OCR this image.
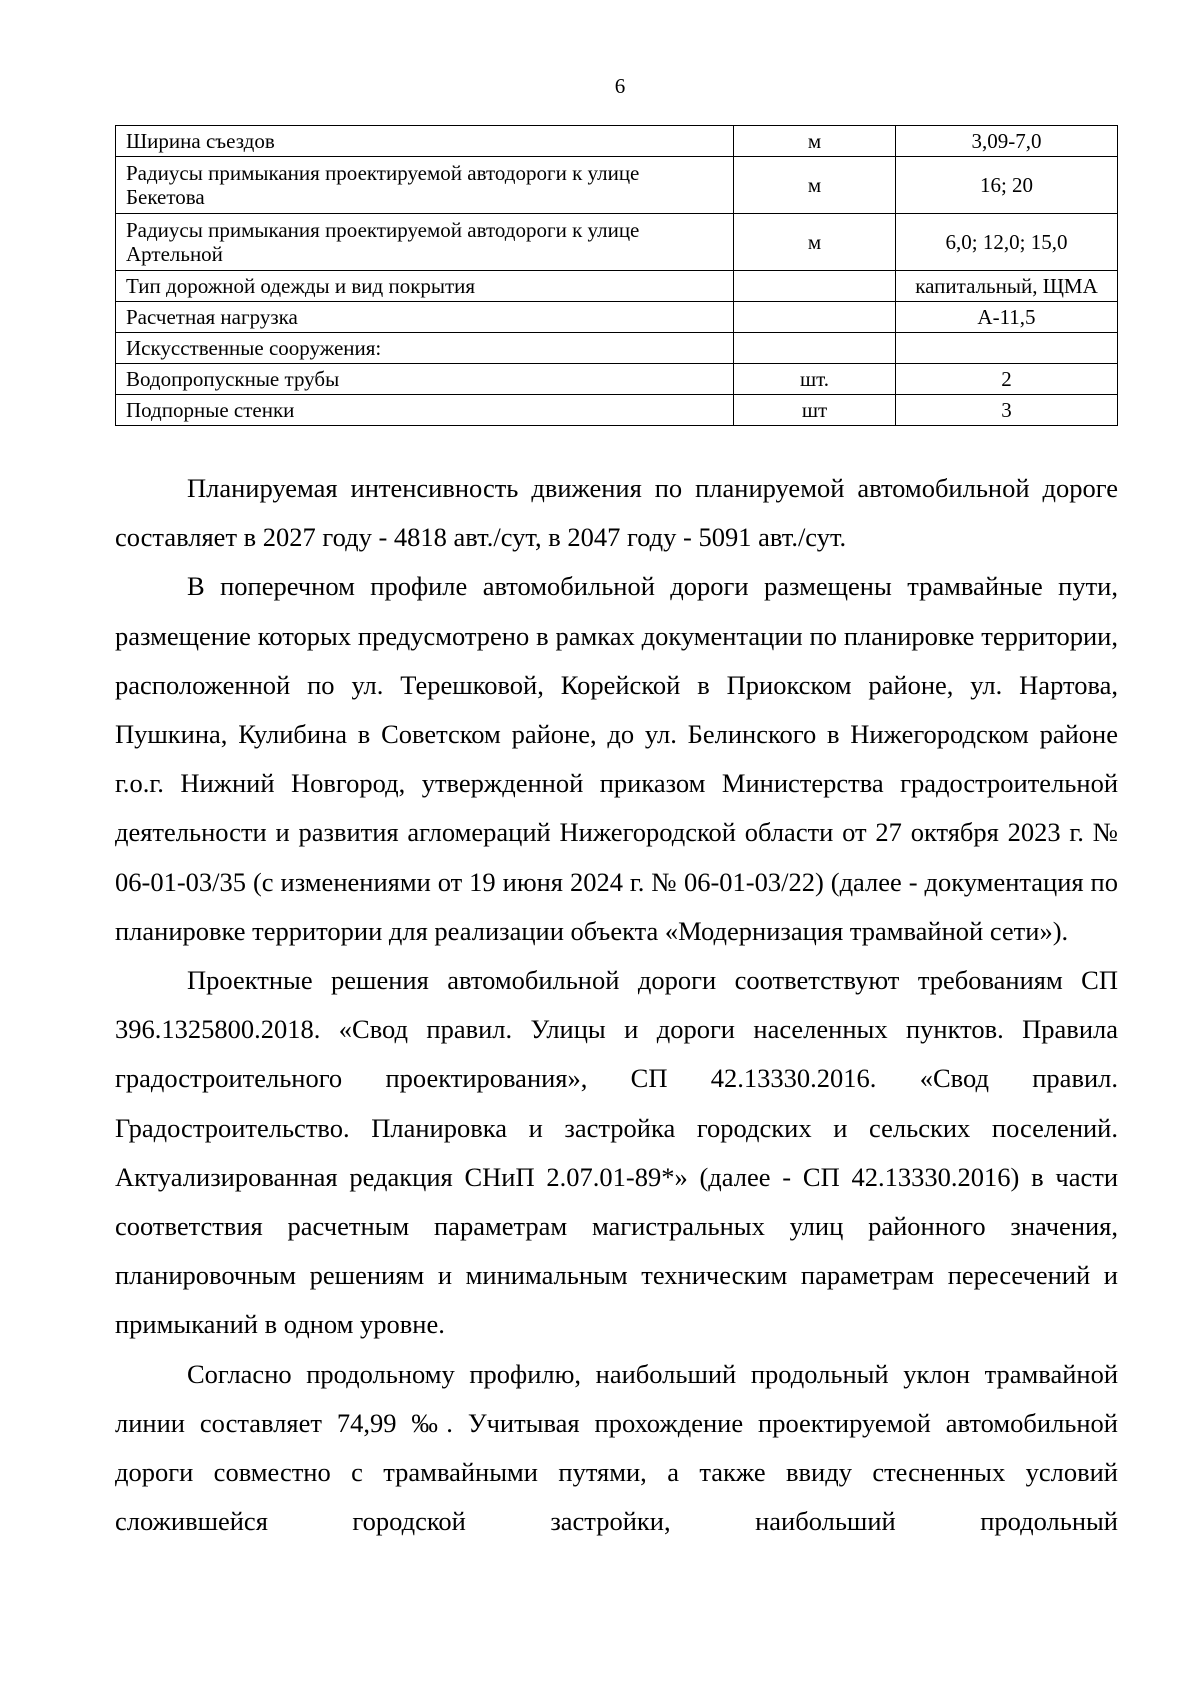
6
Ширина съездов	м	3,09-7,0
Радиусы примыкания проектируемой автодороги к улице Бекетова	м	16; 20
Радиусы примыкания проектируемой автодороги к улице Артельной	м	6,0; 12,0; 15,0
Тип дорожной одежды и вид покрытия		капитальный, ЩМА
Расчетная нагрузка		А-11,5
Искусственные сооружения:		
Водопропускные трубы	шт.	2
Подпорные стенки	шт	3

Планируемая интенсивность движения по планируемой автомобильной дороге составляет в 2027 году - 4818 авт./сут, в 2047 году - 5091 авт./сут.

В поперечном профиле автомобильной дороги размещены трамвайные пути, размещение которых предусмотрено в рамках документации по планировке территории, расположенной по ул. Терешковой, Корейской в Приокском районе, ул. Нартова, Пушкина, Кулибина в Советском районе, до ул. Белинского в Нижегородском районе г.о.г. Нижний Новгород, утвержденной приказом Министерства градостроительной деятельности и развития агломераций Нижегородской области от 27 октября 2023 г. № 06-01-03/35 (с изменениями от 19 июня 2024 г. № 06-01-03/22) (далее - документация по планировке территории для реализации объекта «Модернизация трамвайной сети»).

Проектные решения автомобильной дороги соответствуют требованиям СП 396.1325800.2018. «Свод правил. Улицы и дороги населенных пунктов. Правила градостроительного проектирования», СП 42.13330.2016. «Свод правил. Градостроительство. Планировка и застройка городских и сельских поселений. Актуализированная редакция СНиП 2.07.01-89*» (далее - СП 42.13330.2016) в части соответствия расчетным параметрам магистральных улиц районного значения, планировочным решениям и минимальным техническим параметрам пересечений и примыканий в одном уровне.

Согласно продольному профилю, наибольший продольный уклон трамвайной линии составляет 74,99 ‰. Учитывая прохождение проектируемой автомобильной дороги совместно с трамвайными путями, а также ввиду стесненных условий сложившейся городской застройки, наибольший продольный
